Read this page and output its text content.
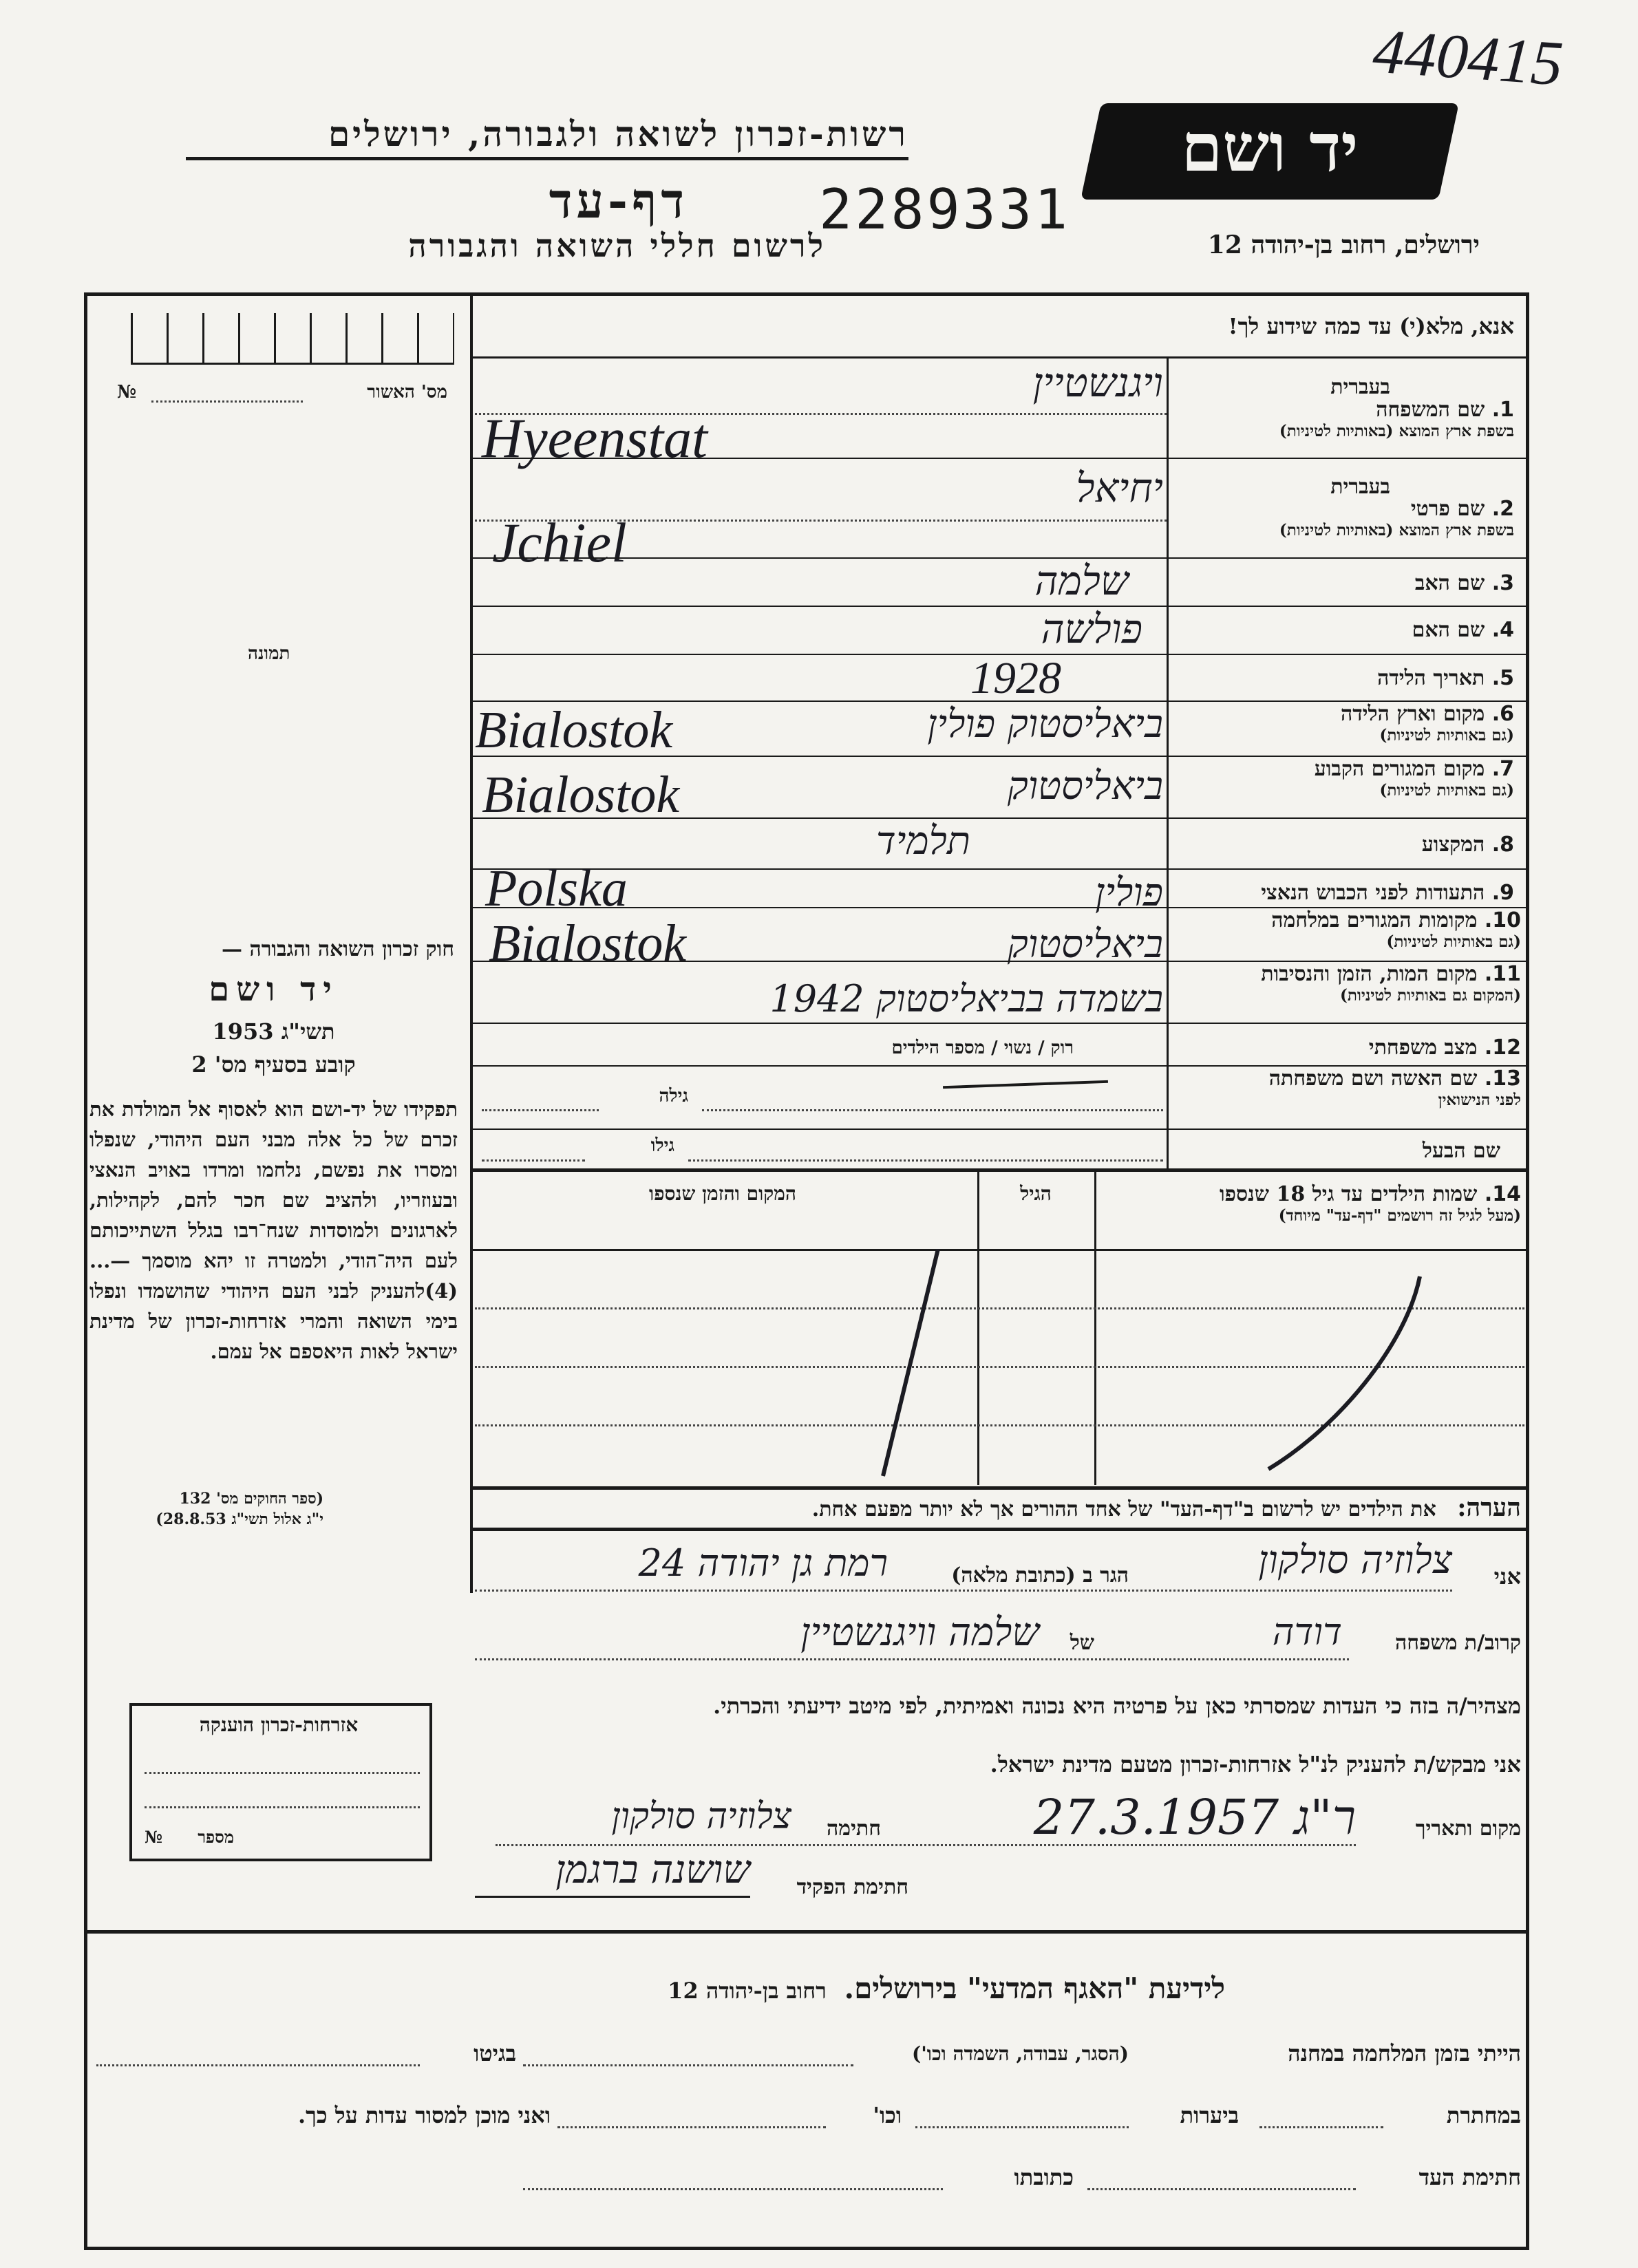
440415
רשות-זכרון לשואה ולגבורה, ירושלים
דף-עד 2289331
לרשום חללי השואה והגבורה
יד ושם
ירושלים, רחוב בן-יהודה 12
אנא, מלא(י) עד כמה שידוע לך!
מס' האשור
№
תמונה
חוק זכרון השואה והגבורה —
יד ושם
1953 תשי"ג
קובע בסעיף מס' 2
תפקידו של יד-ושם הוא לאסוף אל המולדת את זכרם של כל אלה מבני העם היהודי, שנפלו ומסרו את נפשם, נלחמו ומרדו באויב הנאצי ובעוזריו, ולהציב שם חכר להם, לקהילות, לארגונים ולמוסדות שנח־רבו בגלל השתייכותם לעם היה־הודי, ולמטרה זו יהא מוסמך —...(4)להעניק לבני העם היהודי שהושמדו ונפלו בימי השואה והמרי אזרחות-זכרון של מדינת ישראל לאות היאספם אל עמם.
(ספר החוקים מס' 132
י"ג אלול תשי"ג 28.8.53)
אזרחות-זכרון הוענקה
№	מספר
1. שם המשפחה
בשפת ארץ המוצא (באותיות לטיניות)
בעברית
ויגנשטיין
Hyeenstat
בעברית
2. שם פרטי
בשפת ארץ המוצא (באותיות לטיניות)
יחיאל
Jchiel
3. שם האב
שלמה
4. שם האם
פולשה
5. תאריך הלידה
1928
6. מקום וארץ הלידה
(גם באותיות לטיניות)
ביאליסטוק פולין
Bialostok
7. מקום המגורים הקבוע
(גם באותיות לטיניות)
ביאליסטוק
Bialostok
8. המקצוע
תלמיד
9. התעודות לפני הכבוש הנאצי
פולין
Polska
10. מקומות המגורים במלחמה
(גם באותיות לטיניות)
ביאליסטוק
Bialostok
11. מקום המות, הזמן והנסיבות
(המקום גם באותיות לטיניות)
בשמדה בביאליסטוק 1942
12. מצב משפחתי
רוק / נשוי / מספר הילדים
13. שם האשה ושם משפחתה
לפני הנישואין
גילה
שם הבעל
גילו
14. שמות הילדים עד גיל 18 שנספו
(מעל לגיל זה רושמים "דף-עד" מיוחד)
הגיל
המקום והזמן שנספו
הערה: את הילדים יש לרשום ב"דף-העד" של אחד ההורים אך לא יותר מפעם אחת.
אני
צלוזיה סולקון
הגר ב (כתובת מלאה)
רמת גן יהודה 24
קרוב/ת משפחה
דודה
של
שלמה וויגנשטיין
מצהיר/ה בזה כי העדות שמסרתי כאן על פרטיה היא נכונה ואמיתית, לפי מיטב ידיעתי והכרתי.
אני מבקש/ת להעניק לנ"ל אזרחות-זכרון מטעם מדינת ישראל.
מקום ותאריך
ר"ג 27.3.1957
חתימה
צלוזיה סולקון
חתימת הפקיד
שושנה ברגמן
לידיעת "האגף המדעי" בירושלים. רחוב בן-יהודה 12
הייתי בזמן המלחמה במחנה
(הסגר, עבודה, השמדה וכו')
בגיטו
במחתרת
ביערות
וכו'
ואני מוכן למסור עדות על כך.
חתימת העד
כתובתו
